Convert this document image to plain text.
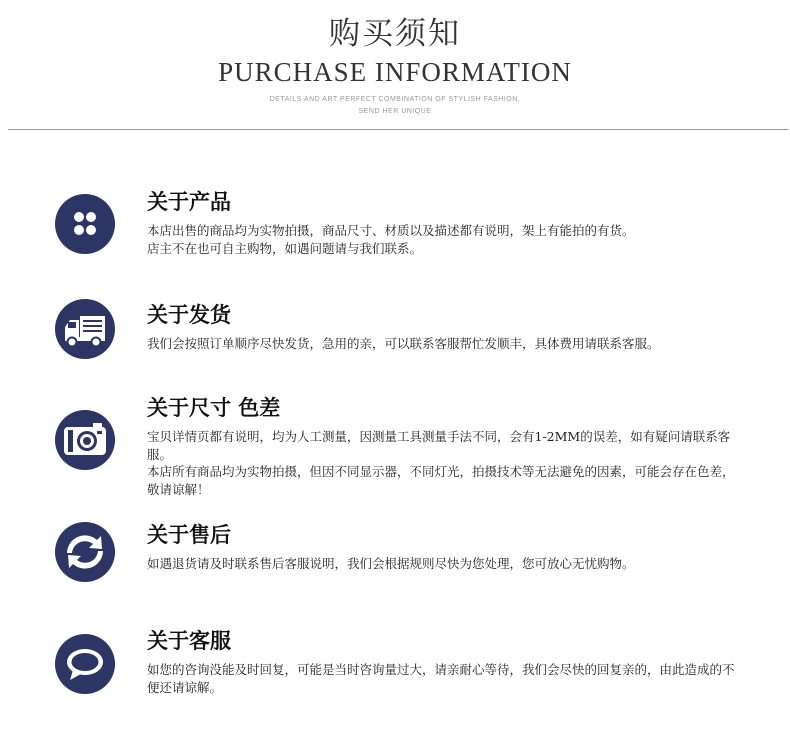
购买须知
PURCHASE INFORMATION
DETAILS AND ART PERFECT COMBINATION OF STYLISH FASHION,
SEND HER UNIQUE
关于产品

本店出售的商品均为实物拍摄，商品尺寸、材质以及描述都有说明，架上有能拍的有货。

店主不在也可自主购物，如遇问题请与我们联系。

关于发货

我们会按照订单顺序尽快发货，急用的亲，可以联系客服帮忙发顺丰，具体费用请联系客服。

关于尺寸 色差

宝贝详情页都有说明，均为人工测量，因测量工具测量手法不同，会有1-2MM的误差，如有疑问请联系客服。

本店所有商品均为实物拍摄，但因不同显示器，不同灯光，拍摄技术等无法避免的因素，可能会存在色差，敬请谅解！

关于售后

如遇退货请及时联系售后客服说明，我们会根据规则尽快为您处理，您可放心无忧购物。

关于客服

如您的咨询没能及时回复，可能是当时咨询量过大，请亲耐心等待，我们会尽快的回复亲的，由此造成的不便还请谅解。
